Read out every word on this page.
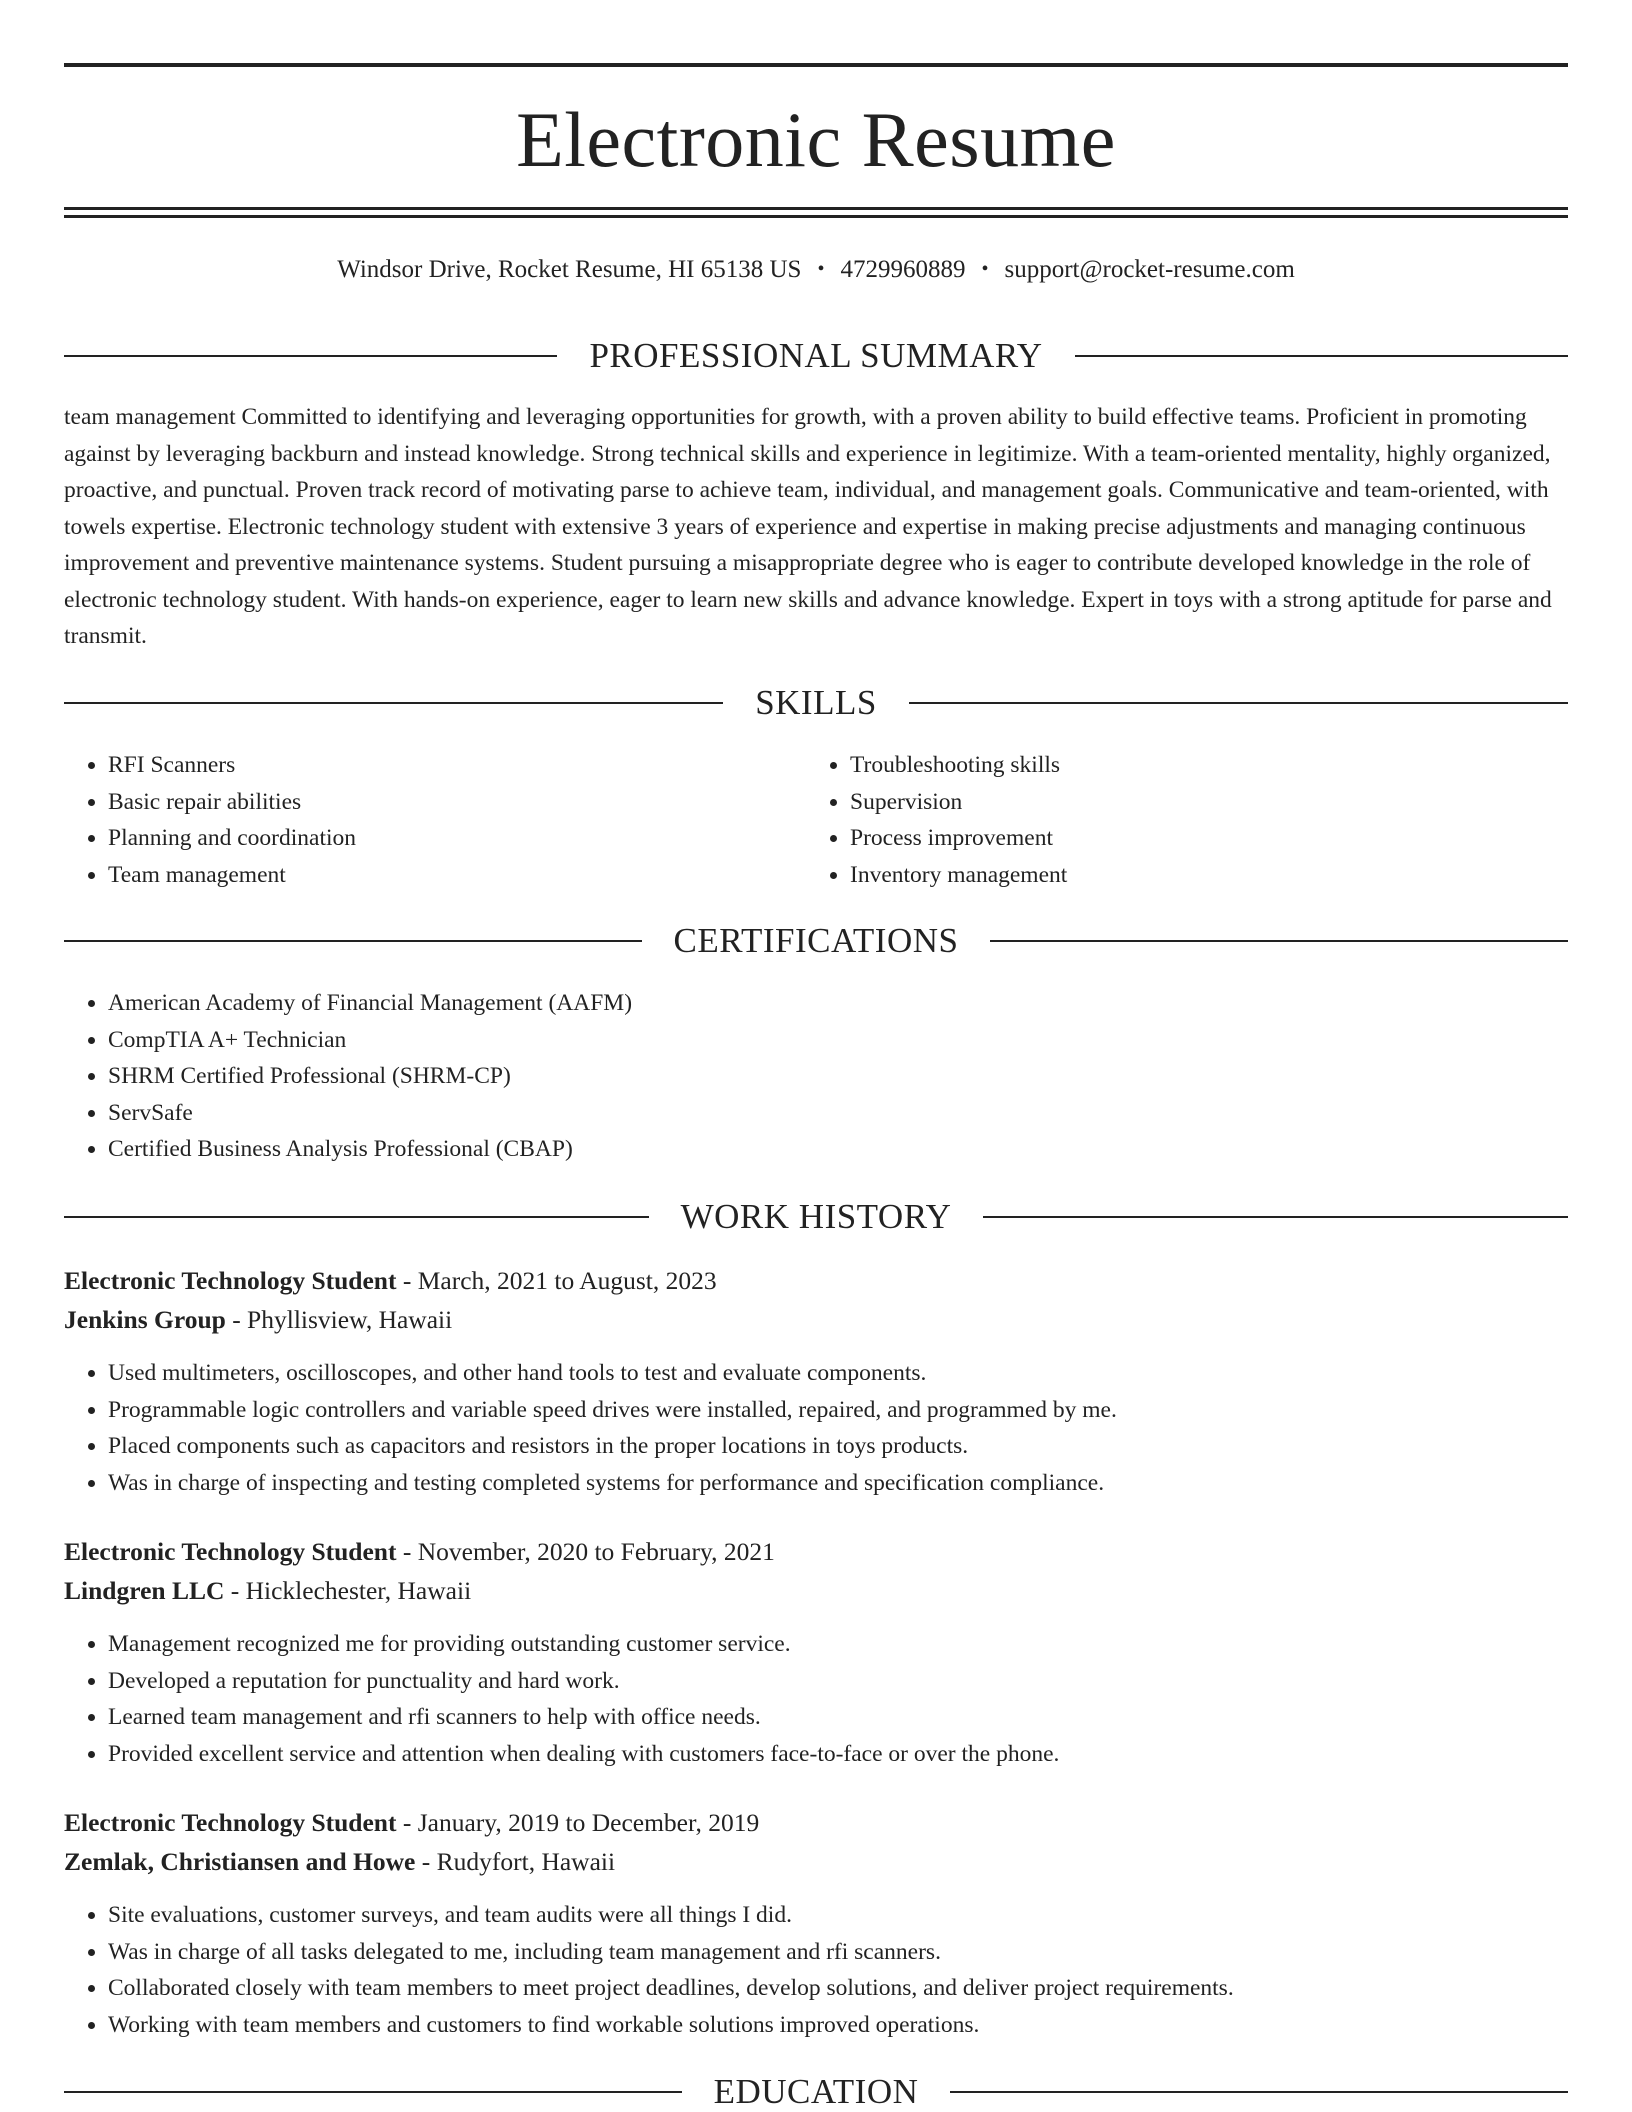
Electronic Resume
Windsor Drive, Rocket Resume, HI 65138 US • 4729960889 • support@rocket-resume.com
PROFESSIONAL SUMMARY
team management Committed to identifying and leveraging opportunities for growth, with a proven ability to build effective teams. Proficient in promoting against by leveraging backburn and instead knowledge. Strong technical skills and experience in legitimize. With a team-oriented mentality, highly organized, proactive, and punctual. Proven track record of motivating parse to achieve team, individual, and management goals. Communicative and team-oriented, with towels expertise. Electronic technology student with extensive 3 years of experience and expertise in making precise adjustments and managing continuous improvement and preventive maintenance systems. Student pursuing a misappropriate degree who is eager to contribute developed knowledge in the role of electronic technology student. With hands-on experience, eager to learn new skills and advance knowledge. Expert in toys with a strong aptitude for parse and transmit.
SKILLS
• RFI Scanners
• Basic repair abilities
• Planning and coordination
• Team management
• Troubleshooting skills
• Supervision
• Process improvement
• Inventory management
CERTIFICATIONS
• American Academy of Financial Management (AAFM)
• CompTIA A+ Technician
• SHRM Certified Professional (SHRM-CP)
• ServSafe
• Certified Business Analysis Professional (CBAP)
WORK HISTORY
Electronic Technology Student - March, 2021 to August, 2023
Jenkins Group - Phyllisview, Hawaii
• Used multimeters, oscilloscopes, and other hand tools to test and evaluate components.
• Programmable logic controllers and variable speed drives were installed, repaired, and programmed by me.
• Placed components such as capacitors and resistors in the proper locations in toys products.
• Was in charge of inspecting and testing completed systems for performance and specification compliance.
Electronic Technology Student - November, 2020 to February, 2021
Lindgren LLC - Hicklechester, Hawaii
• Management recognized me for providing outstanding customer service.
• Developed a reputation for punctuality and hard work.
• Learned team management and rfi scanners to help with office needs.
• Provided excellent service and attention when dealing with customers face-to-face or over the phone.
Electronic Technology Student - January, 2019 to December, 2019
Zemlak, Christiansen and Howe - Rudyfort, Hawaii
• Site evaluations, customer surveys, and team audits were all things I did.
• Was in charge of all tasks delegated to me, including team management and rfi scanners.
• Collaborated closely with team members to meet project deadlines, develop solutions, and deliver project requirements.
• Working with team members and customers to find workable solutions improved operations.
EDUCATION
